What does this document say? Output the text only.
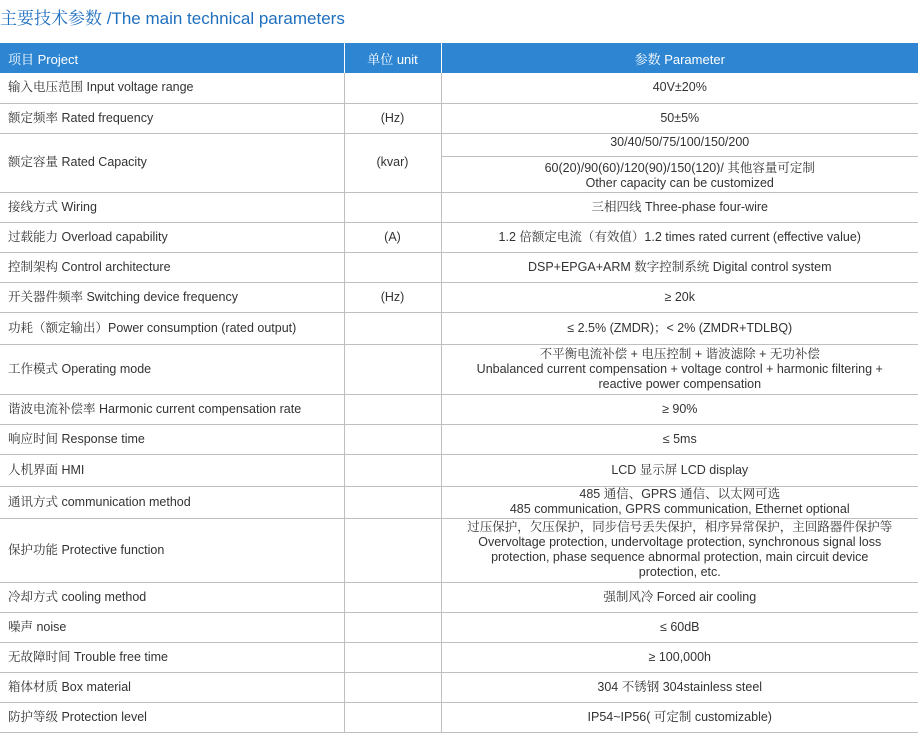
主要技术参数 /The main technical parameters
项目 Project	单位 unit	参数 Parameter
输入电压范围 Input voltage range		40V±20%

额定频率 Rated frequency	(Hz)	50±5%

额定容量 Rated Capacity	(kvar)	30/40/50/75/100/150/200
60(20)/90(60)/120(90)/150(120)/ 其他容量可定制
Other capacity can be customized

接线方式 Wiring		三相四线 Three-phase four-wire

过载能力 Overload capability	(A)	1.2 倍额定电流（有效值）1.2 times rated current (effective value)

控制架构 Control architecture		DSP+EPGA+ARM 数字控制系统 Digital control system

开关器件频率 Switching device frequency	(Hz)	≥ 20k

功耗（额定输出）Power consumption (rated output)		≤ 2.5% (ZMDR)；< 2% (ZMDR+TDLBQ)

工作模式 Operating mode		不平衡电流补偿 + 电压控制 + 谐波滤除 + 无功补偿
Unbalanced current compensation + voltage control + harmonic filtering +
reactive power compensation

谐波电流补偿率 Harmonic current compensation rate		≥ 90%

响应时间 Response time		≤ 5ms

人机界面 HMI		LCD 显示屏 LCD display

通讯方式 communication method		485 通信、GPRS 通信、以太网可选
485 communication, GPRS communication, Ethernet optional

保护功能 Protective function		过压保护，欠压保护，同步信号丢失保护，相序异常保护，主回路器件保护等
Overvoltage protection, undervoltage protection, synchronous signal loss
protection, phase sequence abnormal protection, main circuit device
protection, etc.

冷却方式 cooling method		强制风冷 Forced air cooling

噪声 noise		≤ 60dB

无故障时间 Trouble free time		≥ 100,000h

箱体材质 Box material		304 不锈钢 304stainless steel

防护等级 Protection level		IP54~IP56( 可定制 customizable)
